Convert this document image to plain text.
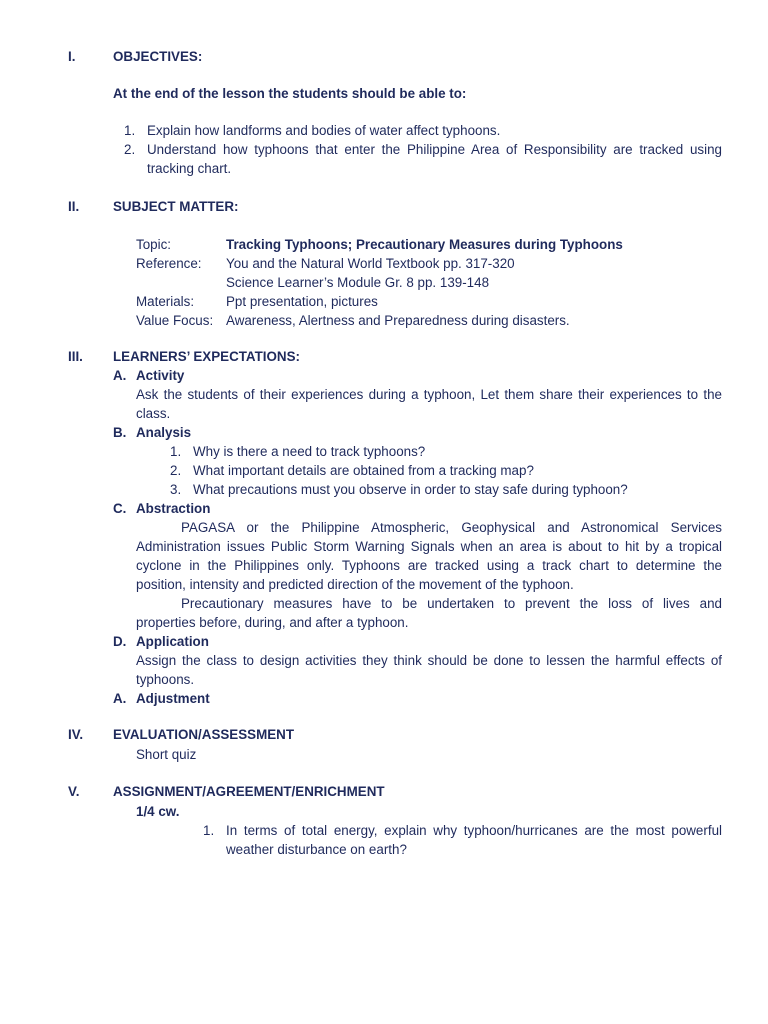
I.	OBJECTIVES:
At the end of the lesson the students should be able to:
1. Explain how landforms and bodies of water affect typhoons.
2. Understand how typhoons that enter the Philippine Area of Responsibility are tracked using
tracking chart.
II.	SUBJECT MATTER:
Topic:	Tracking Typhoons; Precautionary Measures during Typhoons
Reference: You and the Natural World Textbook pp. 317-320
Science Learner’s Module Gr. 8 pp. 139-148
Materials: Ppt presentation, pictures
Value Focus: Awareness, Alertness and Preparedness during disasters.
III. LEARNERS’ EXPECTATIONS:
A. Activity
Ask the students of their experiences during a typhoon, Let them share their experiences to the
class.
B. Analysis
1. Why is there a need to track typhoons?
2. What important details are obtained from a tracking map?
3. What precautions must you observe in order to stay safe during typhoon?
C. Abstraction
PAGASA or the Philippine Atmospheric, Geophysical and Astronomical Services
Administration issues Public Storm Warning Signals when an area is about to hit by a tropical
cyclone in the Philippines only. Typhoons are tracked using a track chart to determine the
position, intensity and predicted direction of the movement of the typhoon.
Precautionary measures have to be undertaken to prevent the loss of lives and
properties before, during, and after a typhoon.
D. Application
Assign the class to design activities they think should be done to lessen the harmful effects of
typhoons.
A. Adjustment
IV. EVALUATION/ASSESSMENT
Short quiz
V.	ASSIGNMENT/AGREEMENT/ENRICHMENT
1/4 cw.
1. In terms of total energy, explain why typhoon/hurricanes are the most powerful
weather disturbance on earth?
